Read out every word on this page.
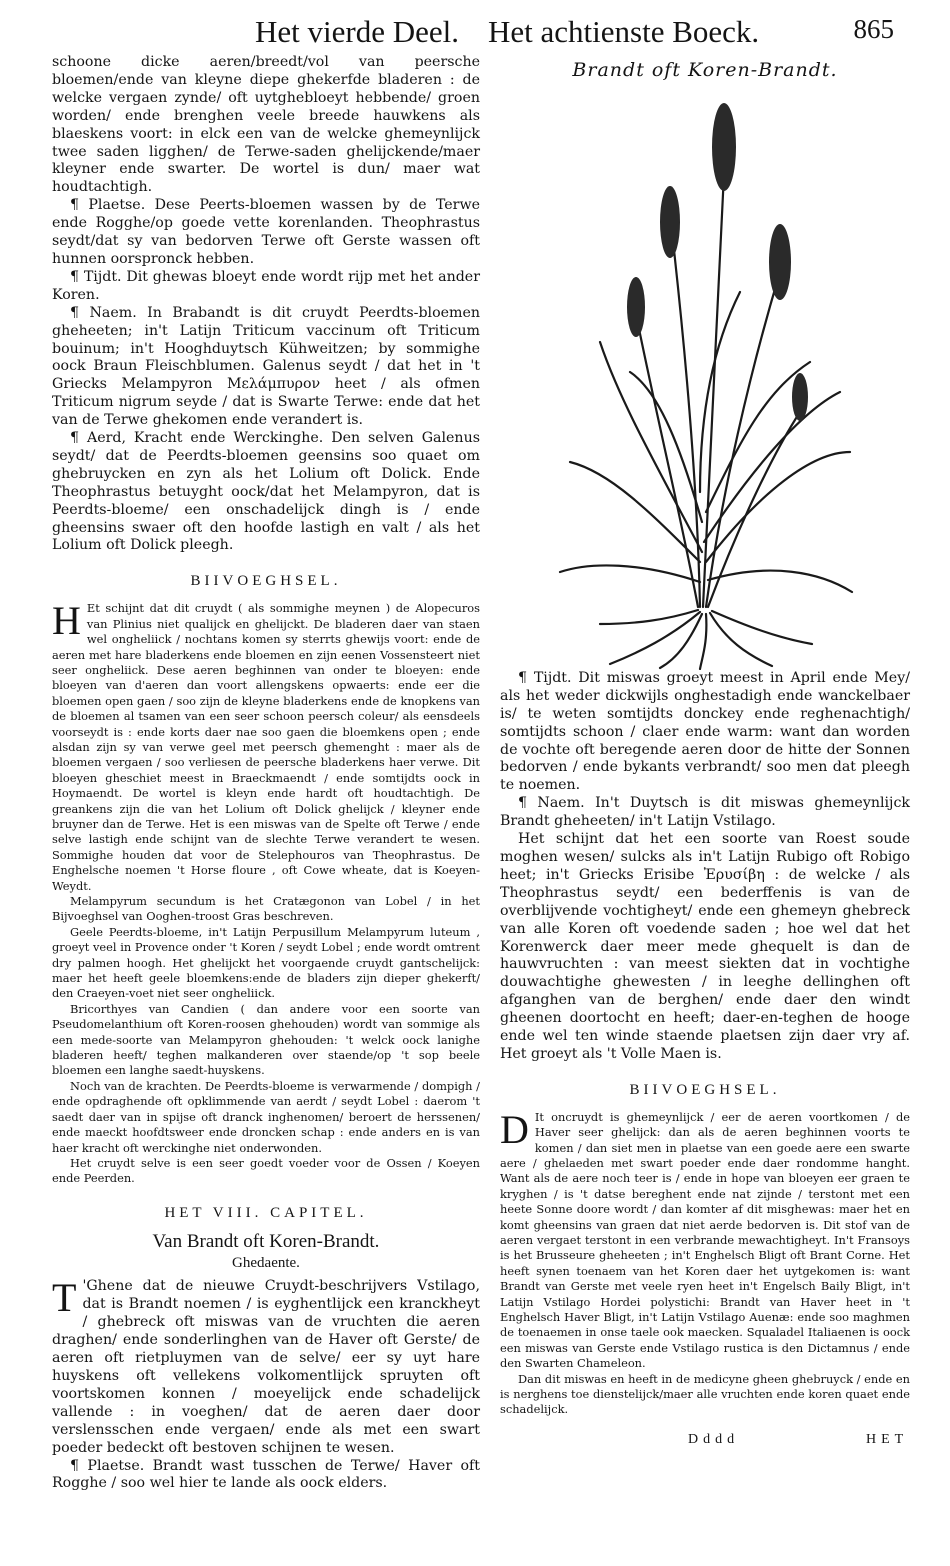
Het vierde Deel. Het achtienste Boeck.	865

schoone dicke aeren/breedt/vol van peersche bloemen/ende van kleyne diepe ghekerfde bladeren : de welcke vergaen zynde/ oft uytghebloeyt hebbende/ groen worden/ ende brenghen veele breede hauwkens als blaeskens voort: in elck een van de welcke ghemeynlijck twee saden ligghen/ de Terwe-saden ghelijckende/maer kleyner ende swarter. De wortel is dun/ maer wat houdtachtigh.

¶ Plaetse. Dese Peerts-bloemen wassen by de Terwe ende Rogghe/op goede vette korenlanden. Theophrastus seydt/dat sy van bedorven Terwe oft Gerste wassen oft hunnen oorspronck hebben.

¶ Tijdt. Dit ghewas bloeyt ende wordt rijp met het ander Koren.

¶ Naem. In Brabandt is dit cruydt Peerdts-bloemen gheheeten; in't Latijn Triticum vaccinum oft Triticum bouinum; in't Hooghduytsch Kühweitzen; by sommighe oock Braun Fleischblumen. Galenus seydt / dat het in 't Griecks Melampyron Μελάμπυρον heet / als ofmen Triticum nigrum seyde / dat is Swarte Terwe: ende dat het van de Terwe ghekomen ende verandert is.

¶ Aerd, Kracht ende Werckinghe. Den selven Galenus seydt/ dat de Peerdts-bloemen geensins soo quaet om ghebruycken en zyn als het Lolium oft Dolick. Ende Theophrastus betuyght oock/dat het Melampyron, dat is Peerdts-bloeme/ een onschadelijck dingh is / ende gheensins swaer oft den hoofde lastigh en valt / als het Lolium oft Dolick pleegh.

BIIVOEGHSEL.
H Et schijnt dat dit cruydt ( als sommighe meynen ) de Alopecuros van Plinius niet qualijck en ghelijckt. De bladeren daer van staen wel ongheliick / nochtans komen sy sterrts ghewijs voort: ende de aeren met hare bladerkens ende bloemen en zijn eenen Vossensteert niet seer ongheliick. Dese aeren beghinnen van onder te bloeyen: ende bloeyen van d'aeren dan voort allengskens opwaerts: ende eer die bloemen open gaen / soo zijn de kleyne bladerkens ende de knopkens van de bloemen al tsamen van een seer schoon peersch coleur/ als eensdeels voorseydt is : ende korts daer nae soo gaen die bloemkens open ; ende alsdan zijn sy van verwe geel met peersch ghemenght : maer als de bloemen vergaen / soo verliesen de peersche bladerkens haer verwe. Dit bloeyen gheschiet meest in Braeckmaendt / ende somtijdts oock in Hoymaendt. De wortel is kleyn ende hardt oft houdtachtigh. De greankens zijn die van het Lolium oft Dolick ghelijck / kleyner ende bruyner dan de Terwe. Het is een miswas van de Spelte oft Terwe / ende selve lastigh ende schijnt van de slechte Terwe verandert te wesen. Sommighe houden dat voor de Stelephouros van Theophrastus. De Enghelsche noemen 't Horse floure , oft Cowe wheate, dat is Koeyen-Weydt.

Melampyrum secundum is het Cratægonon van Lobel / in het Bijvoeghsel van Ooghen-troost Gras beschreven.

Geele Peerdts-bloeme, in't Latijn Perpusillum Melampyrum luteum , groeyt veel in Provence onder 't Koren / seydt Lobel ; ende wordt omtrent dry palmen hoogh. Het ghelijckt het voorgaende cruydt gantschelijck: maer het heeft geele bloemkens:ende de bladers zijn dieper ghekerft/ den Craeyen-voet niet seer ongheliick.

Bricorthyes van Candien ( dan andere voor een soorte van Pseudomelanthium oft Koren-roosen ghehouden) wordt van sommige als een mede-soorte van Melampyron ghehouden: 't welck oock lanighe bladeren heeft/ teghen malkanderen over staende/op 't sop beele bloemen een langhe saedt-huyskens.

Noch van de krachten. De Peerdts-bloeme is verwarmende / dompigh / ende opdraghende oft opklimmende van aerdt / seydt Lobel : daerom 't saedt daer van in spijse oft dranck inghenomen/ beroert de herssenen/ ende maeckt hoofdtsweer ende droncken schap : ende anders en is van haer kracht oft werckinghe niet onderwonden.

Het cruydt selve is een seer goedt voeder voor de Ossen / Koeyen ende Peerden.

HET VIII. CAPITEL.
Van Brandt oft Koren-Brandt.
Ghedaente.
T 'Ghene dat de nieuwe Cruydt-beschrijvers Vstilago, dat is Brandt noemen / is eyghentlijck een kranckheyt / ghebreck oft miswas van de vruchten die aeren draghen/ ende sonderlinghen van de Haver oft Gerste/ de aeren oft rietpluymen van de selve/ eer sy uyt hare huyskens oft vellekens volkomentlijck spruyten oft voortskomen konnen / moeyelijck ende schadelijck vallende : in voeghen/ dat de aeren daer door verslensschen ende vergaen/ ende als met een swart poeder bedeckt oft bestoven schijnen te wesen.

¶ Plaetse. Brandt wast tusschen de Terwe/ Haver oft Rogghe / soo wel hier te lande als oock elders.

Brandt oft Koren-Brandt.

¶ Tijdt. Dit miswas groeyt meest in April ende Mey/ als het weder dickwijls onghestadigh ende wanckelbaer is/ te weten somtijdts donckey ende reghenachtigh/ somtijdts schoon / claer ende warm: want dan worden de vochte oft beregende aeren door de hitte der Sonnen bedorven / ende bykants verbrandt/ soo men dat pleegh te noemen.

¶ Naem. In't Duytsch is dit miswas ghemeynlijck Brandt gheheeten/ in't Latijn Vstilago.

Het schijnt dat het een soorte van Roest soude moghen wesen/ sulcks als in't Latijn Rubigo oft Robigo heet; in't Griecks Erisibe Ἐρυσίβη : de welcke / als Theophrastus seydt/ een bederffenis is van de overblijvende vochtigheyt/ ende een ghemeyn ghebreck van alle Koren oft voedende saden ; hoe wel dat het Korenwerck daer meer mede ghequelt is dan de hauwvruchten : van meest siekten dat in vochtighe douwachtighe ghewesten / in leeghe dellinghen oft afganghen van de berghen/ ende daer den windt gheenen doortocht en heeft; daer-en-teghen de hooge ende wel ten winde staende plaetsen zijn daer vry af. Het groeyt als 't Volle Maen is.

BIIVOEGHSEL.
D It oncruydt is ghemeynlijck / eer de aeren voortkomen / de Haver seer ghelijck: dan als de aeren beghinnen voorts te komen / dan siet men in plaetse van een goede aere een swarte aere / ghelaeden met swart poeder ende daer rondomme hanght. Want als de aere noch teer is / ende in hope van bloeyen eer graen te kryghen / is 't datse bereghent ende nat zijnde / terstont met een heete Sonne doore wordt / dan komter af dit misghewas: maer het en komt gheensins van graen dat niet aerde bedorven is. Dit stof van de aeren vergaet terstont in een verbrande mewachtigheyt. In't Fransoys is het Brusseure gheheeten ; in't Enghelsch Bligt oft Brant Corne. Het heeft synen toenaem van het Koren daer het uytgekomen is: want Brandt van Gerste met veele ryen heet in't Engelsch Baily Bligt, in't Latijn Vstilago Hordei polystichi: Brandt van Haver heet in 't Enghelsch Haver Bligt, in't Latijn Vstilago Auenæ: ende soo maghmen de toenaemen in onse taele ook maecken. Squaladel Italiaenen is oock een miswas van Gerste ende Vstilago rustica is den Dictamnus / ende den Swarten Chameleon.

Dan dit miswas en heeft in de medicyne gheen ghebruyck / ende en is nerghens toe dienstelijck/maer alle vruchten ende koren quaet ende schadelijck.

Dddd	HET
